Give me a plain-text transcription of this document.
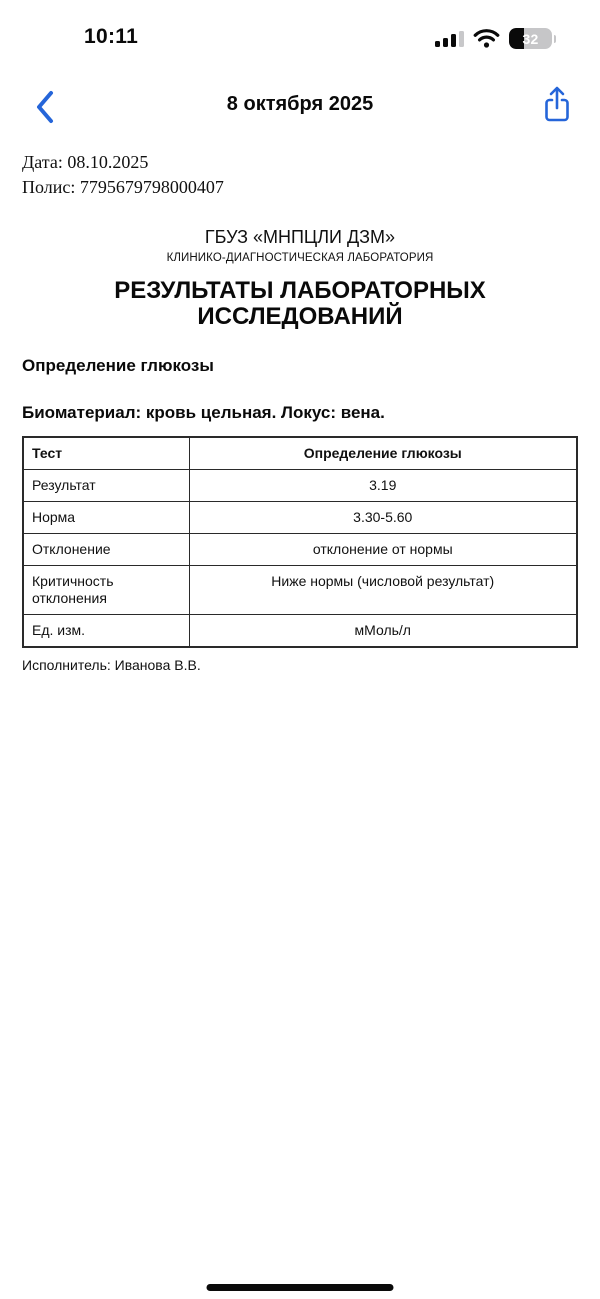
10:11	32
8 октября 2025
Дата: 08.10.2025
Полис: 7795679798000407
ГБУЗ «МНПЦЛИ ДЗМ»
КЛИНИКО-ДИАГНОСТИЧЕСКАЯ ЛАБОРАТОРИЯ
РЕЗУЛЬТАТЫ ЛАБОРАТОРНЫХ ИССЛЕДОВАНИЙ
Определение глюкозы
Биоматериал: кровь цельная. Локус: вена.
Тест	Определение глюкозы
Результат	3.19
Норма	3.30-5.60
Отклонение	отклонение от нормы
Критичность отклонения	Ниже нормы (числовой результат)
Ед. изм.	мМоль/л
Исполнитель: Иванова В.В.
